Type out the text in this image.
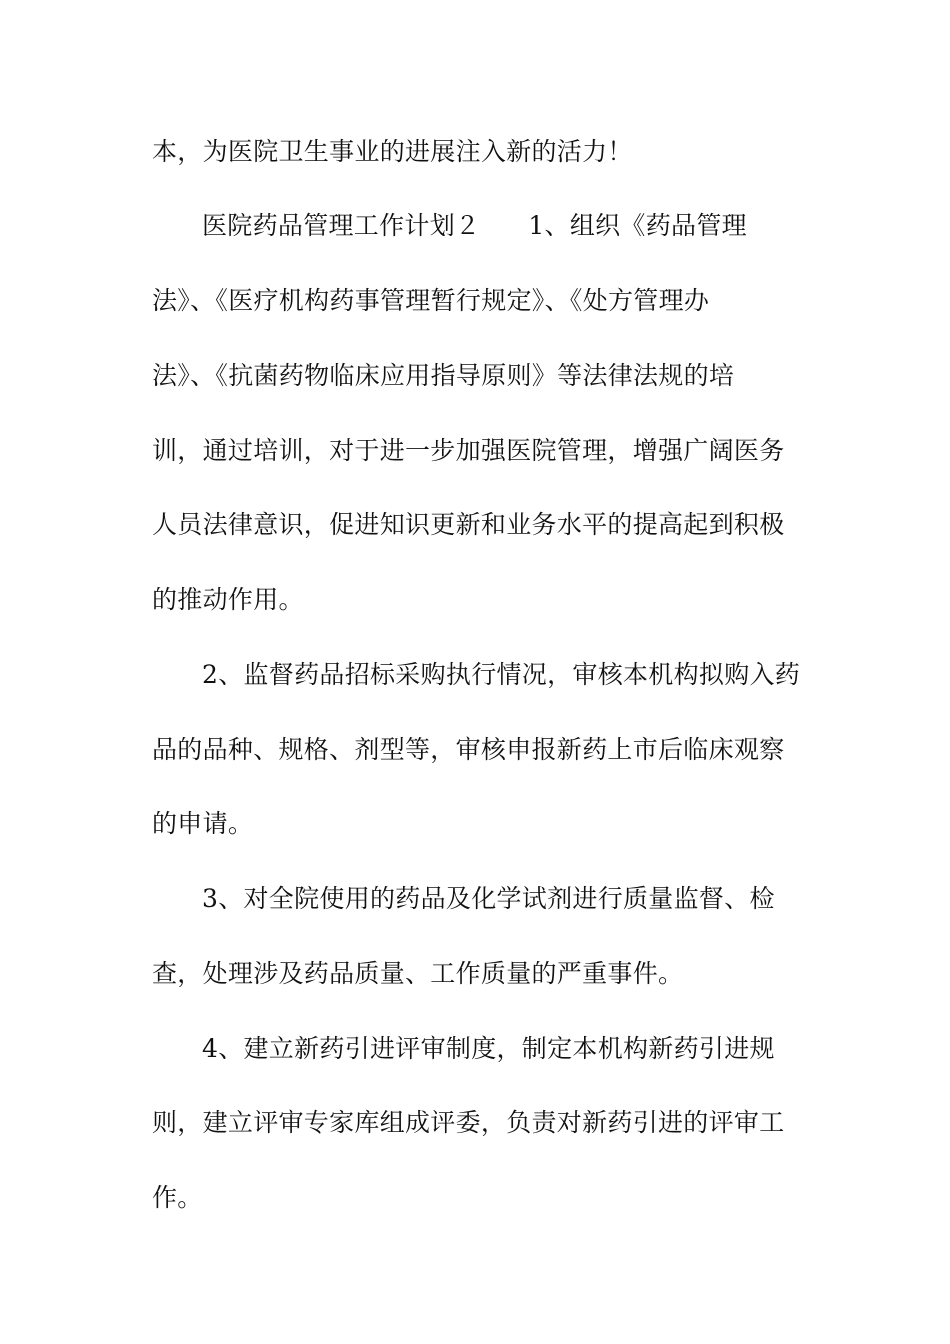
本，为医院卫生事业的进展注入新的活力！
医院药品管理工作计划２ 1、组织《药品管理
法》、《医疗机构药事管理暂行规定》、《处方管理办
法》、《抗菌药物临床应用指导原则》等法律法规的培
训，通过培训，对于进一步加强医院管理，增强广阔医务
人员法律意识，促进知识更新和业务水平的提高起到积极
的推动作用。
2、监督药品招标采购执行情况，审核本机构拟购入药
品的品种、规格、剂型等，审核申报新药上市后临床观察
的申请。
3、对全院使用的药品及化学试剂进行质量监督、检
查，处理涉及药品质量、工作质量的严重事件。
4、建立新药引进评审制度，制定本机构新药引进规
则，建立评审专家库组成评委，负责对新药引进的评审工
作。
